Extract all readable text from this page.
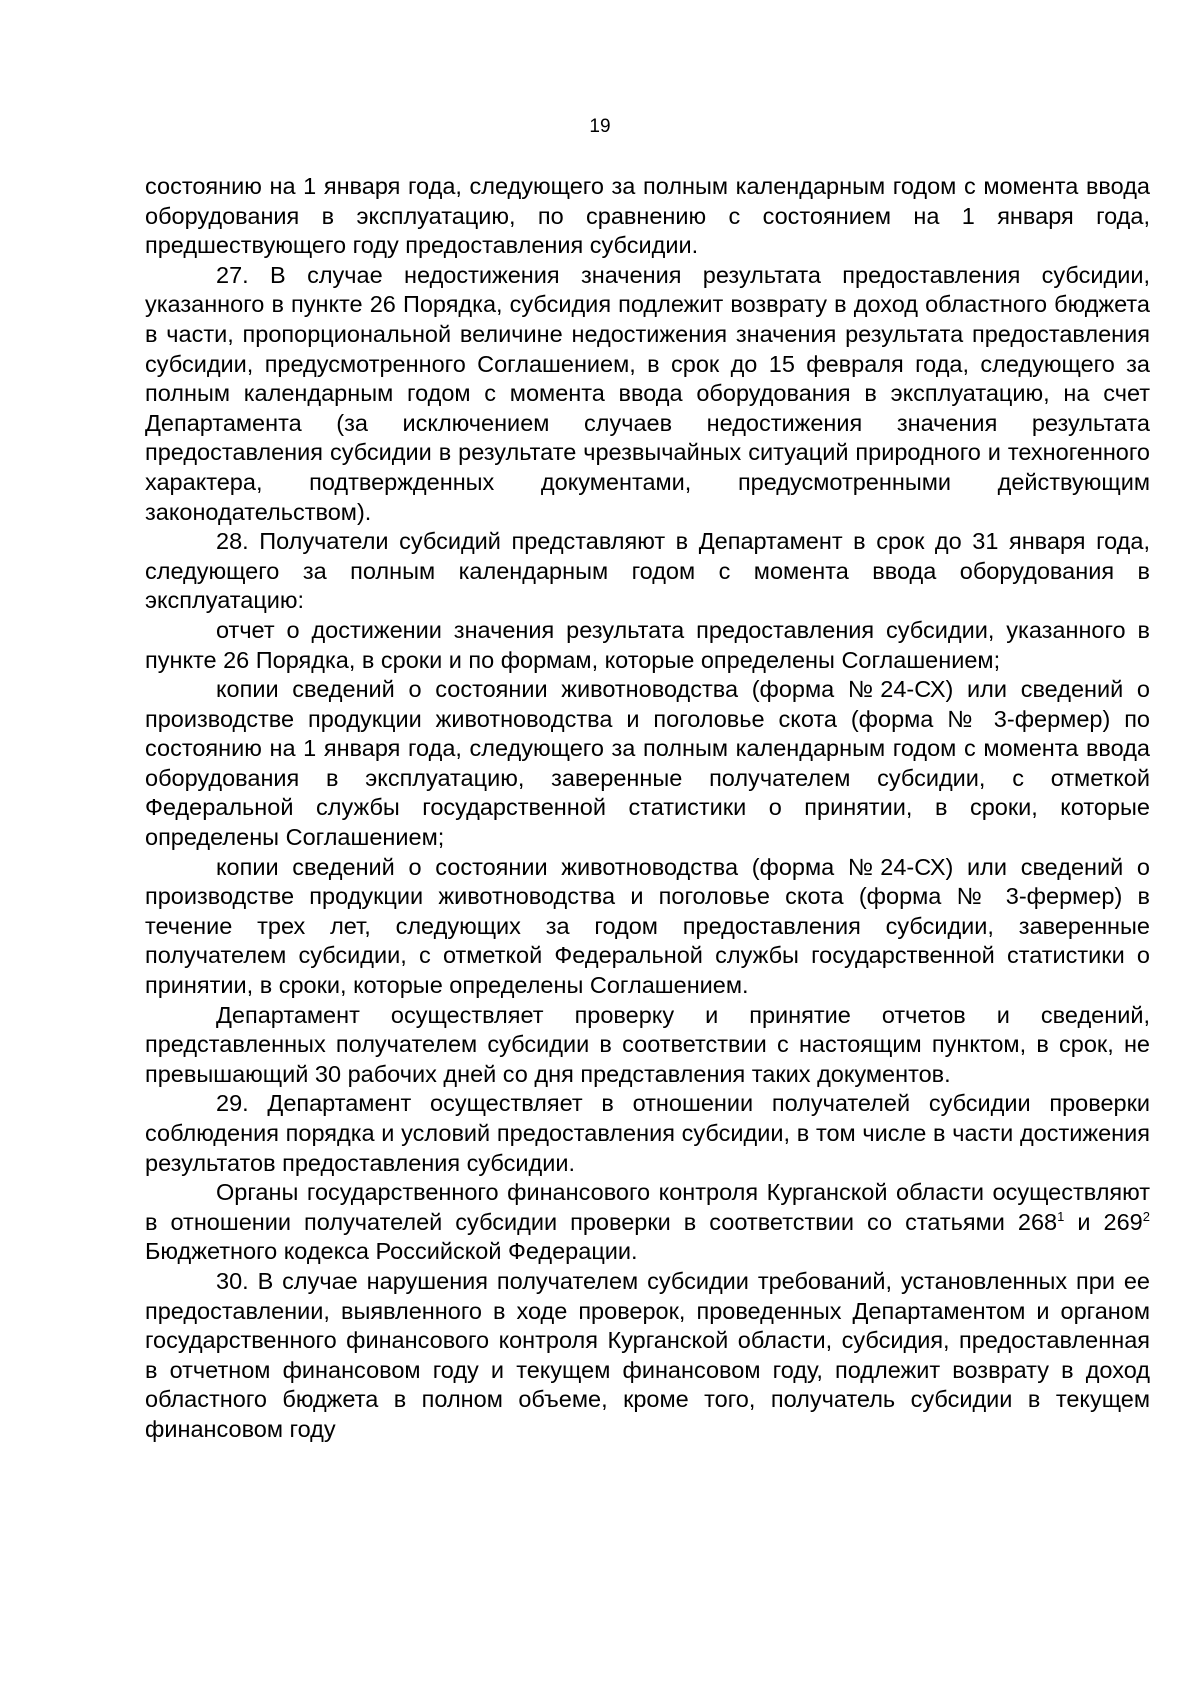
19

состоянию на 1 января года, следующего за полным календарным годом с момента ввода оборудования в эксплуатацию, по сравнению с состоянием на 1 января года, предшествующего году предоставления субсидии.

27. В случае недостижения значения результата предоставления субсидии, указанного в пункте 26 Порядка, субсидия подлежит возврату в доход областного бюджета в части, пропорциональной величине недостижения значения результата предоставления субсидии, предусмотренного Соглашением, в срок до 15 февраля года, следующего за полным календарным годом с момента ввода оборудования в эксплуатацию, на счет Департамента (за исключением случаев недостижения значения результата предоставления субсидии в результате чрезвычайных ситуаций природного и техногенного характера, подтвержденных документами, предусмотренными действующим законодательством).

28. Получатели субсидий представляют в Департамент в срок до 31 января года, следующего за полным календарным годом с момента ввода оборудования в эксплуатацию:

отчет о достижении значения результата предоставления субсидии, указанного в пункте 26 Порядка, в сроки и по формам, которые определены Соглашением;

копии сведений о состоянии животноводства (форма №24-СХ) или сведений о производстве продукции животноводства и поголовье скота (форма № 3-фермер) по состоянию на 1 января года, следующего за полным календарным годом с момента ввода оборудования в эксплуатацию, заверенные получателем субсидии, с отметкой Федеральной службы государственной статистики о принятии, в сроки, которые определены Соглашением;

копии сведений о состоянии животноводства (форма №24-СХ) или сведений о производстве продукции животноводства и поголовье скота (форма № 3-фермер) в течение трех лет, следующих за годом предоставления субсидии, заверенные получателем субсидии, с отметкой Федеральной службы государственной статистики о принятии, в сроки, которые определены Соглашением.

Департамент осуществляет проверку и принятие отчетов и сведений, представленных получателем субсидии в соответствии с настоящим пунктом, в срок, не превышающий 30 рабочих дней со дня представления таких документов.

29. Департамент осуществляет в отношении получателей субсидии проверки соблюдения порядка и условий предоставления субсидии, в том числе в части достижения результатов предоставления субсидии.

Органы государственного финансового контроля Курганской области осуществляют в отношении получателей субсидии проверки в соответствии со статьями $268^1$ и $269^2$ Бюджетного кодекса Российской Федерации.

30. В случае нарушения получателем субсидии требований, установленных при ее предоставлении, выявленного в ходе проверок, проведенных Департаментом и органом государственного финансового контроля Курганской области, субсидия, предоставленная в отчетном финансовом году и текущем финансовом году, подлежит возврату в доход областного бюджета в полном объеме, кроме того, получатель субсидии в текущем финансовом году
